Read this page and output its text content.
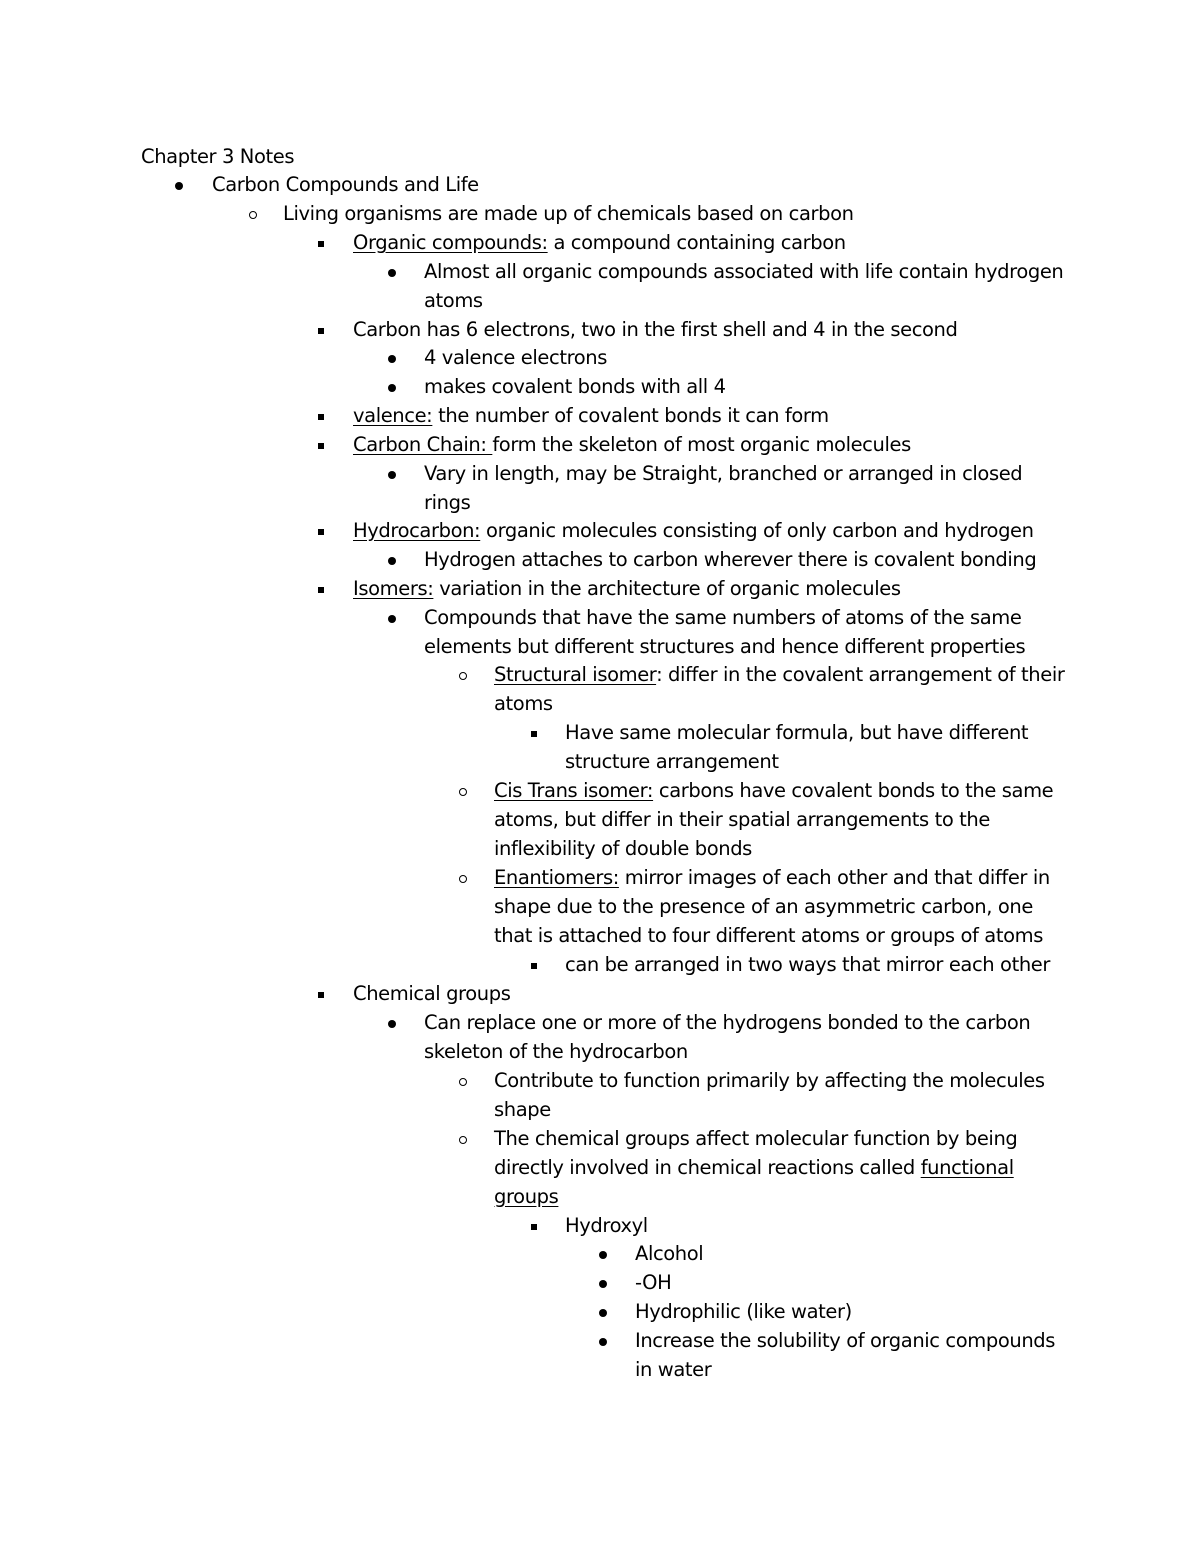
Chapter 3 Notes
Carbon Compounds and Life
Living organisms are made up of chemicals based on carbon
Organic compounds: a compound containing carbon
Almost all organic compounds associated with life contain hydrogen atoms
Carbon has 6 electrons, two in the first shell and 4 in the second
4 valence electrons
makes covalent bonds with all 4
valence: the number of covalent bonds it can form
Carbon Chain: form the skeleton of most organic molecules
Vary in length, may be Straight, branched or arranged in closed rings
Hydrocarbon: organic molecules consisting of only carbon and hydrogen
Hydrogen attaches to carbon wherever there is covalent bonding
Isomers: variation in the architecture of organic molecules
Compounds that have the same numbers of atoms of the same elements but different structures and hence different properties
Structural isomer: differ in the covalent arrangement of their atoms
Have same molecular formula, but have different structure arrangement
Cis Trans isomer: carbons have covalent bonds to the same atoms, but differ in their spatial arrangements to the inflexibility of double bonds
Enantiomers: mirror images of each other and that differ in shape due to the presence of an asymmetric carbon, one that is attached to four different atoms or groups of atoms
can be arranged in two ways that mirror each other
Chemical groups
Can replace one or more of the hydrogens bonded to the carbon skeleton of the hydrocarbon
Contribute to function primarily by affecting the molecules shape
The chemical groups affect molecular function by being directly involved in chemical reactions called functional groups
Hydroxyl
Alcohol
-OH
Hydrophilic (like water)
Increase the solubility of organic compounds in water
